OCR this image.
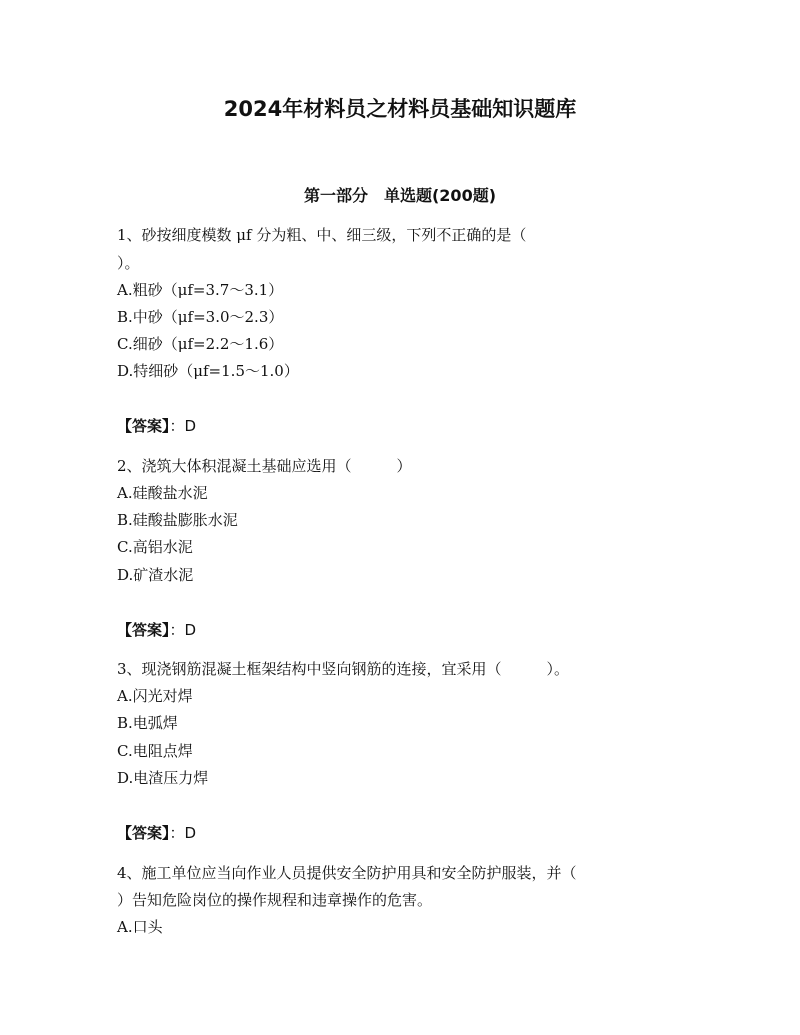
2024年材料员之材料员基础知识题库
第一部分　单选题(200题)

1、砂按细度模数 μf 分为粗、中、细三级，下列不正确的是（

）。

A.粗砂（μf=3.7～3.1）

B.中砂（μf=3.0～2.3）

C.细砂（μf=2.2～1.6）

D.特细砂（μf=1.5～1.0）

【答案】：D

2、浇筑大体积混凝土基础应选用（　　　）

A.硅酸盐水泥

B.硅酸盐膨胀水泥

C.高铝水泥

D.矿渣水泥

【答案】：D

3、现浇钢筋混凝土框架结构中竖向钢筋的连接，宜采用（　　　）。

A.闪光对焊

B.电弧焊

C.电阻点焊

D.电渣压力焊

【答案】：D

4、施工单位应当向作业人员提供安全防护用具和安全防护服装，并（

）告知危险岗位的操作规程和违章操作的危害。

A.口头
